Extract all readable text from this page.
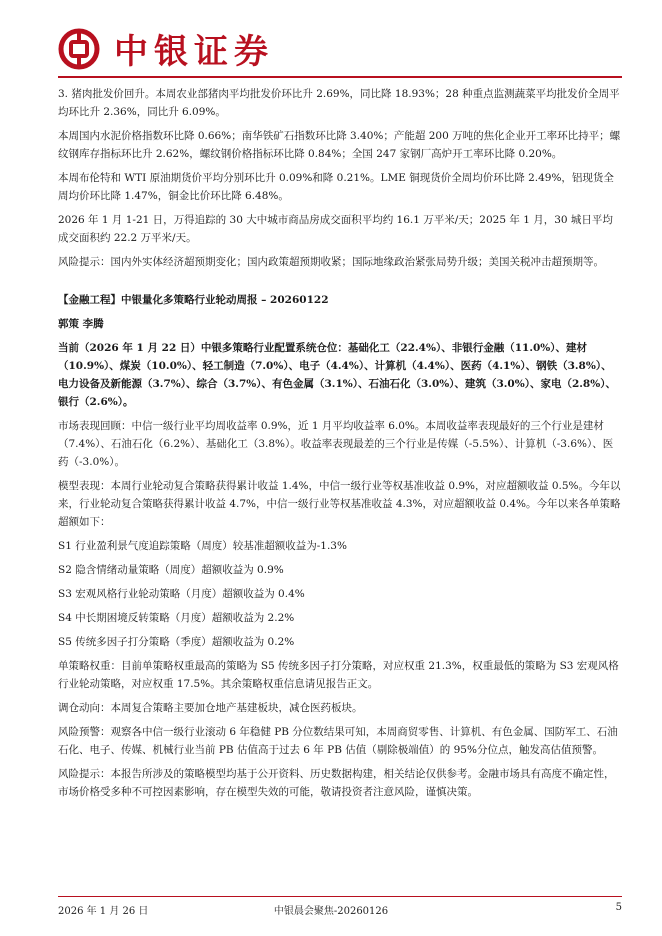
中银证券

3. 猪肉批发价回升。本周农业部猪肉平均批发价环比升 2.69%，同比降 18.93%；28 种重点监测蔬菜平均批发价全周平均环比升 2.36%，同比升 6.09%。

本周国内水泥价格指数环比降 0.66%；南华铁矿石指数环比降 3.40%；产能超 200 万吨的焦化企业开工率环比持平；螺纹钢库存指标环比升 2.62%，螺纹钢价格指标环比降 0.84%；全国 247 家钢厂高炉开工率环比降 0.20%。

本周布伦特和 WTI 原油期货价平均分别环比升 0.09%和降 0.21%。LME 铜现货价全周均价环比降 2.49%，铝现货全周均价环比降 1.47%，铜金比价环比降 6.48%。

2026 年 1 月 1-21 日，万得追踪的 30 大中城市商品房成交面积平均约 16.1 万平米/天；2025 年 1 月，30 城日平均成交面积约 22.2 万平米/天。

风险提示：国内外实体经济超预期变化；国内政策超预期收紧；国际地缘政治紧张局势升级；美国关税冲击超预期等。

【金融工程】中银量化多策略行业轮动周报 – 20260122

郭策 李腾

当前（2026 年 1 月 22 日）中银多策略行业配置系统仓位：基础化工（22.4%）、非银行金融（11.0%）、建材（10.9%）、煤炭（10.0%）、轻工制造（7.0%）、电子（4.4%）、计算机（4.4%）、医药（4.1%）、钢铁（3.8%）、电力设备及新能源（3.7%）、综合（3.7%）、有色金属（3.1%）、石油石化（3.0%）、建筑（3.0%）、家电（2.8%）、银行（2.6%）。

市场表现回顾：中信一级行业平均周收益率 0.9%，近 1 月平均收益率 6.0%。本周收益率表现最好的三个行业是建材（7.4%）、石油石化（6.2%）、基础化工（3.8%）。收益率表现最差的三个行业是传媒（-5.5%）、计算机（-3.6%）、医药（-3.0%）。

模型表现：本周行业轮动复合策略获得累计收益 1.4%，中信一级行业等权基准收益 0.9%，对应超额收益 0.5%。今年以来，行业轮动复合策略获得累计收益 4.7%，中信一级行业等权基准收益 4.3%，对应超额收益 0.4%。今年以来各单策略超额如下：

S1 行业盈利景气度追踪策略（周度）较基准超额收益为-1.3%

S2 隐含情绪动量策略（周度）超额收益为 0.9%

S3 宏观风格行业轮动策略（月度）超额收益为 0.4%

S4 中长期困境反转策略（月度）超额收益为 2.2%

S5 传统多因子打分策略（季度）超额收益为 0.2%

单策略权重：目前单策略权重最高的策略为 S5 传统多因子打分策略，对应权重 21.3%，权重最低的策略为 S3 宏观风格行业轮动策略，对应权重 17.5%。其余策略权重信息请见报告正文。

调仓动向：本周复合策略主要加仓地产基建板块，减仓医药板块。

风险预警：观察各中信一级行业滚动 6 年稳健 PB 分位数结果可知，本周商贸零售、计算机、有色金属、国防军工、石油石化、电子、传媒、机械行业当前 PB 估值高于过去 6 年 PB 估值（剔除极端值）的 95%分位点，触发高估值预警。

风险提示：本报告所涉及的策略模型均基于公开资料、历史数据构建，相关结论仅供参考。金融市场具有高度不确定性，市场价格受多种不可控因素影响，存在模型失效的可能，敬请投资者注意风险，谨慎决策。

2026 年 1 月 26 日	中银晨会聚焦-20260126	5
